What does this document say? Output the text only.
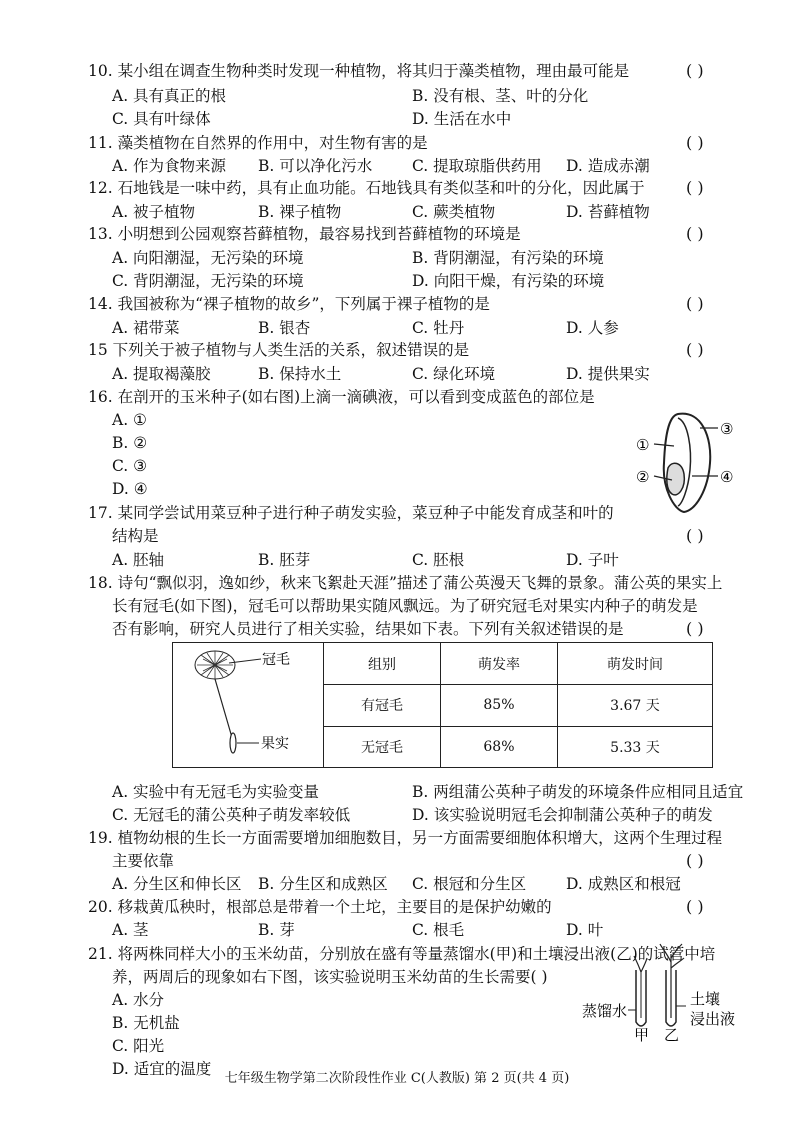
10. 某小组在调查生物种类时发现一种植物，将其归于藻类植物，理由最可能是	( )
A. 具有真正的根	B. 没有根、茎、叶的分化
C. 具有叶绿体	D. 生活在水中
11. 藻类植物在自然界的作用中，对生物有害的是	( )
A. 作为食物来源 B. 可以净化污水	C. 提取琼脂供药用 D. 造成赤潮
12. 石地钱是一味中药，具有止血功能。石地钱具有类似茎和叶的分化，因此属于	( )
A. 被子植物	B. 裸子植物	C. 蕨类植物	D. 苔藓植物
13. 小明想到公园观察苔藓植物，最容易找到苔藓植物的环境是	( )
A. 向阳潮湿，无污染的环境	B. 背阴潮湿，有污染的环境
C. 背阴潮湿，无污染的环境	D. 向阳干燥，有污染的环境
14. 我国被称为“裸子植物的故乡”，下列属于裸子植物的是	( )
A. 裙带菜	B. 银杏	C. 牡丹	D. 人参
15 下列关于被子植物与人类生活的关系，叙述错误的是	( )
A. 提取褐藻胶	B. 保持水土	C. 绿化环境	D. 提供果实
16. 在剖开的玉米种子(如右图)上滴一滴碘液，可以看到变成蓝色的部位是
A. ①
B. ②
C. ③
D. ④
①
②
③
④
17. 某同学尝试用菜豆种子进行种子萌发实验，菜豆种子中能发育成茎和叶的
结构是	( )
A. 胚轴	B. 胚芽	C. 胚根	D. 子叶
18. 诗句“飘似羽，逸如纱，秋来飞絮赴天涯”描述了蒲公英漫天飞舞的景象。蒲公英的果实上
长有冠毛(如下图)，冠毛可以帮助果实随风飘远。为了研究冠毛对果实内种子的萌发是
否有影响，研究人员进行了相关实验，结果如下表。下列有关叙述错误的是	( )
冠毛
果实	组别	萌发率	萌发时间
	有冠毛	85%	3.67 天
	无冠毛	68%	5.33 天
A. 实验中有无冠毛为实验变量	B. 两组蒲公英种子萌发的环境条件应相同且适宜
C. 无冠毛的蒲公英种子萌发率较低	D. 该实验说明冠毛会抑制蒲公英种子的萌发
19. 植物幼根的生长一方面需要增加细胞数目，另一方面需要细胞体积增大，这两个生理过程
主要依靠	( )
A. 分生区和伸长区 B. 分生区和成熟区 C. 根冠和分生区	D. 成熟区和根冠
20. 移栽黄瓜秧时，根部总是带着一个土坨，主要目的是保护幼嫩的	( )
A. 茎	B. 芽	C. 根毛	D. 叶
21. 将两株同样大小的玉米幼苗，分别放在盛有等量蒸馏水(甲)和土壤浸出液(乙)的试管中培
养，两周后的现象如右下图，该实验说明玉米幼苗的生长需要( )
A. 水分
B. 无机盐
C. 阳光
D. 适宜的温度
蒸馏水
甲 乙
土壤
浸出液
七年级生物学第二次阶段性作业 C(人教版) 第 2 页(共 4 页)
